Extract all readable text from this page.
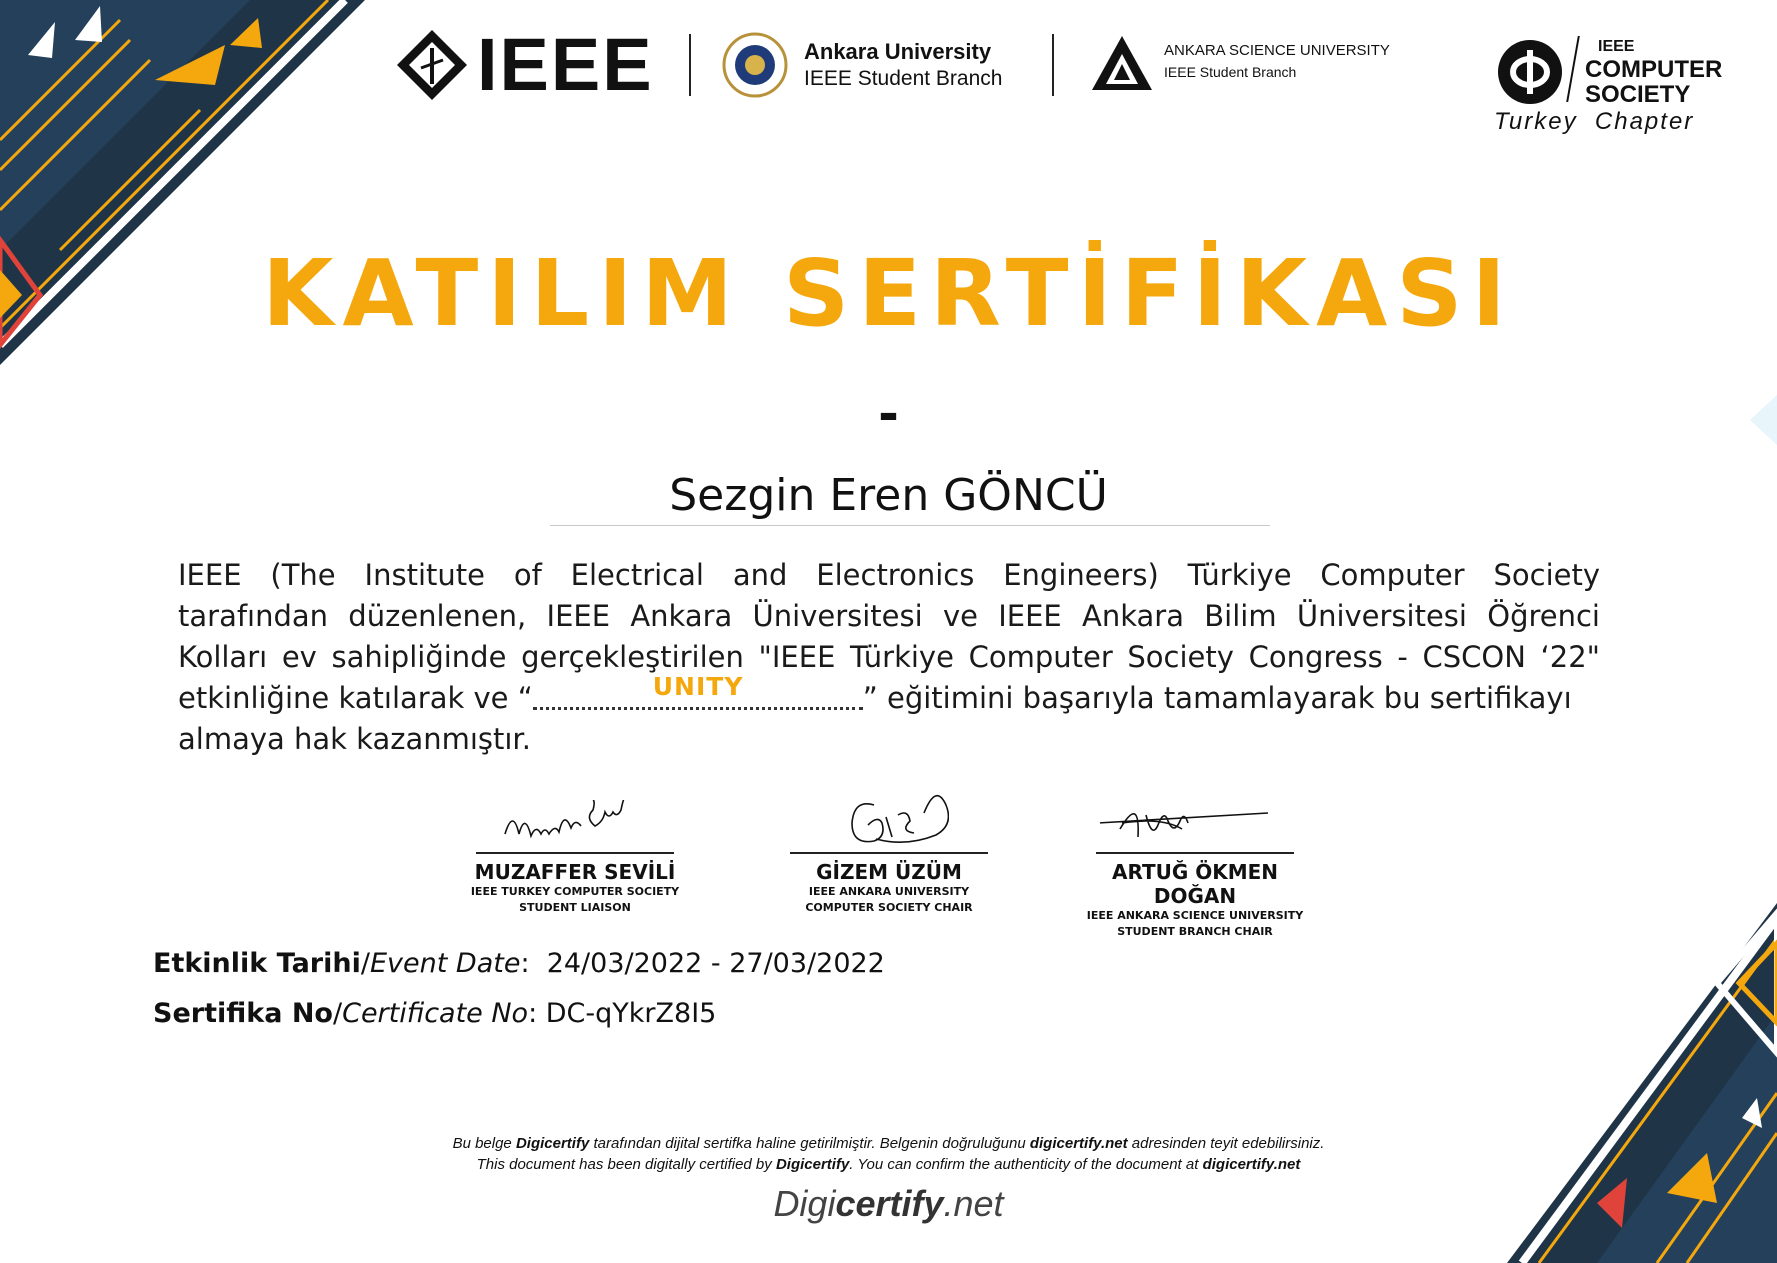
IEEE	Ankara University
IEEE Student Branch
ANKARA SCIENCE UNIVERSITY
IEEE Student Branch
IEEE
COMPUTER
SOCIETY
Turkey  Chapter
KATILIM SERTİFİKASI
-
Sezgin Eren GÖNCÜ
IEEE (The Institute of Electrical and Electronics Engineers) Türkiye Computer Society
tarafından düzenlenen, IEEE Ankara Üniversitesi ve IEEE Ankara Bilim Üniversitesi Öğrenci
Kolları ev sahipliğinde gerçekleştirilen "IEEE Türkiye Computer Society Congress - CSCON ‘22"
etkinliğine katılarak ve “	UNITY	” eğitimini başarıyla tamamlayarak bu sertifikayı
almaya hak kazanmıştır.
MUZAFFER SEVİLİ
IEEE TURKEY COMPUTER SOCIETY
STUDENT LIAISON
GİZEM ÜZÜM
IEEE ANKARA UNIVERSITY
COMPUTER SOCIETY CHAIR
ARTUĞ ÖKMEN DOĞAN
IEEE ANKARA SCIENCE UNIVERSITY
STUDENT BRANCH CHAIR
Etkinlik Tarihi/Event Date:  24/03/2022 - 27/03/2022
Sertifika No/Certificate No: DC-qYkrZ8I5
Bu belge Digicertify tarafından dijital sertifka haline getirilmiştir. Belgenin doğruluğunu digicertify.net adresinden teyit edebilirsiniz.
This document has been digitally certified by Digicertify. You can confirm the authenticity of the document at digicertify.net
Digicertify.net
